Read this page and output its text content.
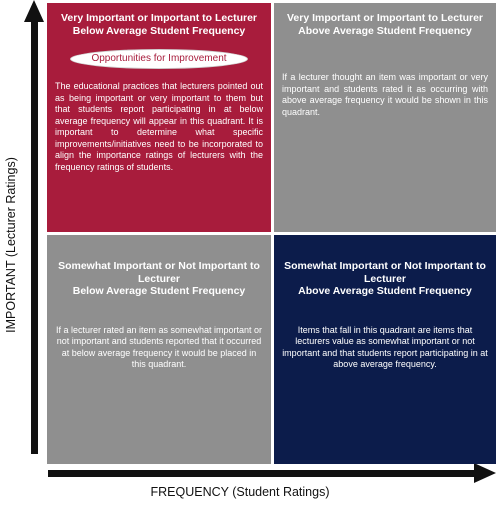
IMPORTANT (Lecturer Ratings)
FREQUENCY (Student Ratings)

Very Important or Important to Lecturer
Below Average Student Frequency

Opportunities for Improvement

The educational practices that lecturers pointed out as being important or very important to them but that students report participating in at below average frequency will appear in this quadrant. It is important to determine what specific improvements/initiatives need to be incorporated to align the importance ratings of lecturers with the frequency ratings of students.

Very Important or Important to Lecturer
Above Average Student Frequency

If a lecturer thought an item was important or very important and students rated it as occurring with above average frequency it would be shown in this quadrant.

Somewhat Important or Not Important to Lecturer
Below Average Student Frequency

If a lecturer rated an item as somewhat important or not important and students reported that it occurred at below average frequency it would be placed in this quadrant.

Somewhat Important or Not Important to Lecturer
Above Average Student Frequency

Items that fall in this quadrant are items that lecturers value as somewhat important or not important and that students report participating in at above average frequency.
